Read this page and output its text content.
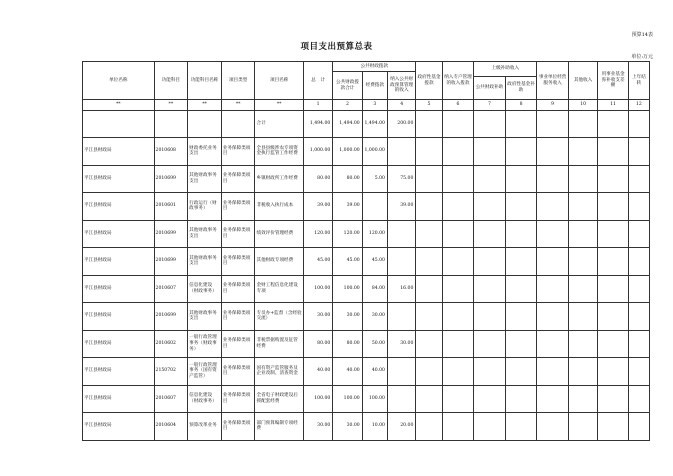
预算14表
项目支出预算总表
单位:万元
单位名称	功能科目	功能科目名称	项目类型	项目名称	总　计	公共财政拨款			政府性基金拨款	纳入专户管理的收入拨款	上级补助收入		事业单位经营服务收入	其他收入	用事业基金弥补收支差额	上年结转
						公共财政拨款合计	经费拨款	纳入公共财政预算管理的收入								
											公共财政补助	政府性基金补助				
**	**	**	**	**	1	2	3	4	5	6	7	8	9	10	11	12
				合计	1,494.00	1,494.00	1,494.00	200.00								
平江县财政局	2010608	财政委托业务支出	业务保障类项目	全县县级涉农专项资金执行监管工作经费	1,000.00	1,000.00	1,000.00									
平江县财政局	2010699	其他财政事务支出	业务保障类项目	乡镇财政所工作经费	80.00	80.00	5.00	75.00								
平江县财政局	2010601	行政运行（财政事务）	业务保障类项目	非税收入执行成本	39.00	39.00		39.00								
平江县财政局	2010699	其他财政事务支出	业务保障类项目	绩效评价管理经费	120.00	120.00	120.00									
平江县财政局	2010699	其他财政事务支出	业务保障类项目	其他财政专项经费	45.00	45.00	45.00									
平江县财政局	2010607	信息化建设（财政事务）	业务保障类项目	金财工程信息化建设专项	100.00	100.00	84.00	16.00								
平江县财政局	2010699	其他财政事务支出	业务保障类项目	专员办+监督（含经验交流）	30.00	30.00	30.00									
平江县财政局	2010602	一般行政管理事务（财政事务）	业务保障类项目	非税票据购置及征管经费	80.00	80.00	50.00	30.00								
平江县财政局	2150702	一般行政管理事务（国有资产监管）	业务保障类项目	国有资产监管服务及企业改制、清查资金	40.00	40.00	40.00									
平江县财政局	2010607	信息化建设（财政事务）	业务保障类项目	全省电子财政建设后援配套经费	100.00	100.00	100.00									
平江县财政局	2010604	预算改革业务	业务保障类项目	部门预算编制专项经费	30.00	30.00	10.00	20.00								
